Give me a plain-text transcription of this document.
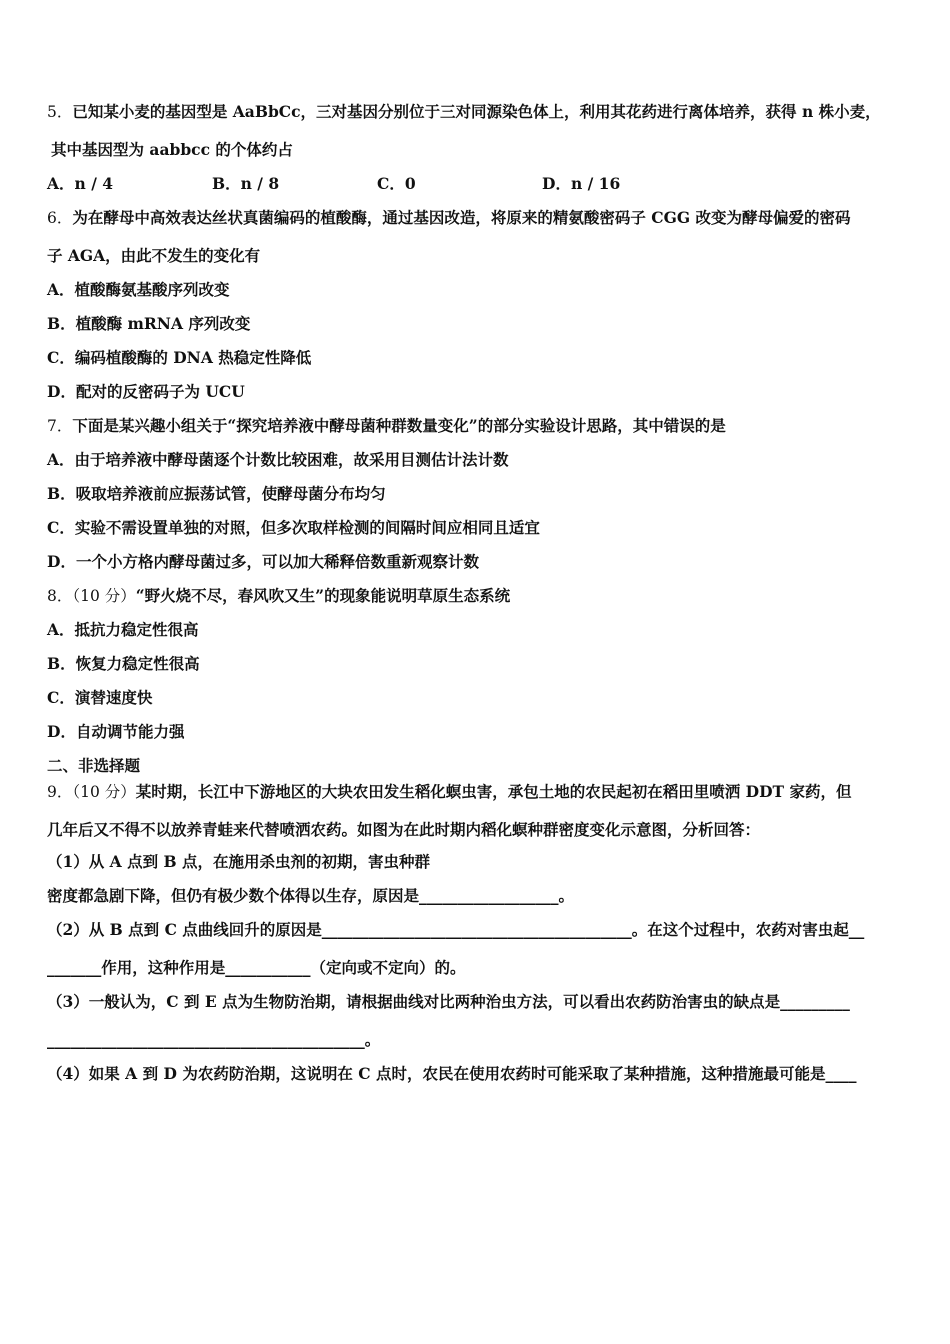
5．已知某小麦的基因型是 AaBbCc，三对基因分别位于三对同源染色体上，利用其花药进行离体培养，获得 n 株小麦，
其中基因型为 aabbcc 的个体约占
A．n / 4	B．n / 8	C．0	D．n / 16
6．为在酵母中高效表达丝状真菌编码的植酸酶，通过基因改造，将原来的精氨酸密码子 CGG 改变为酵母偏爱的密码
子 AGA，由此不发生的变化有
A．植酸酶氨基酸序列改变
B．植酸酶 mRNA 序列改变
C．编码植酸酶的 DNA 热稳定性降低
D．配对的反密码子为 UCU
7．下面是某兴趣小组关于“探究培养液中酵母菌种群数量变化”的部分实验设计思路，其中错误的是
A．由于培养液中酵母菌逐个计数比较困难，故采用目测估计法计数
B．吸取培养液前应振荡试管，使酵母菌分布均匀
C．实验不需设置单独的对照，但多次取样检测的间隔时间应相同且适宜
D．一个小方格内酵母菌过多，可以加大稀释倍数重新观察计数
8．（10 分）“野火烧不尽，春风吹又生”的现象能说明草原生态系统
A．抵抗力稳定性很高
B．恢复力稳定性很高
C．演替速度快
D．自动调节能力强
二、非选择题
9．（10 分）某时期，长江中下游地区的大块农田发生稻化螟虫害，承包土地的农民起初在稻田里喷洒 DDT 家药，但
几年后又不得不以放养青蛙来代替喷洒农药。如图为在此时期内稻化螟种群密度变化示意图，分析回答：
（1）从 A 点到 B 点，在施用杀虫剂的初期，害虫种群
密度都急剧下降，但仍有极少数个体得以生存，原因是__________________。
（2）从 B 点到 C 点曲线回升的原因是________________________________________。在这个过程中，农药对害虫起__
_______作用，这种作用是___________（定向或不定向）的。
（3）一般认为，C 到 E 点为生物防治期，请根据曲线对比两种治虫方法，可以看出农药防治害虫的缺点是_________
_________________________________________。
（4）如果 A 到 D 为农药防治期，这说明在 C 点时，农民在使用农药时可能采取了某种措施，这种措施最可能是____
